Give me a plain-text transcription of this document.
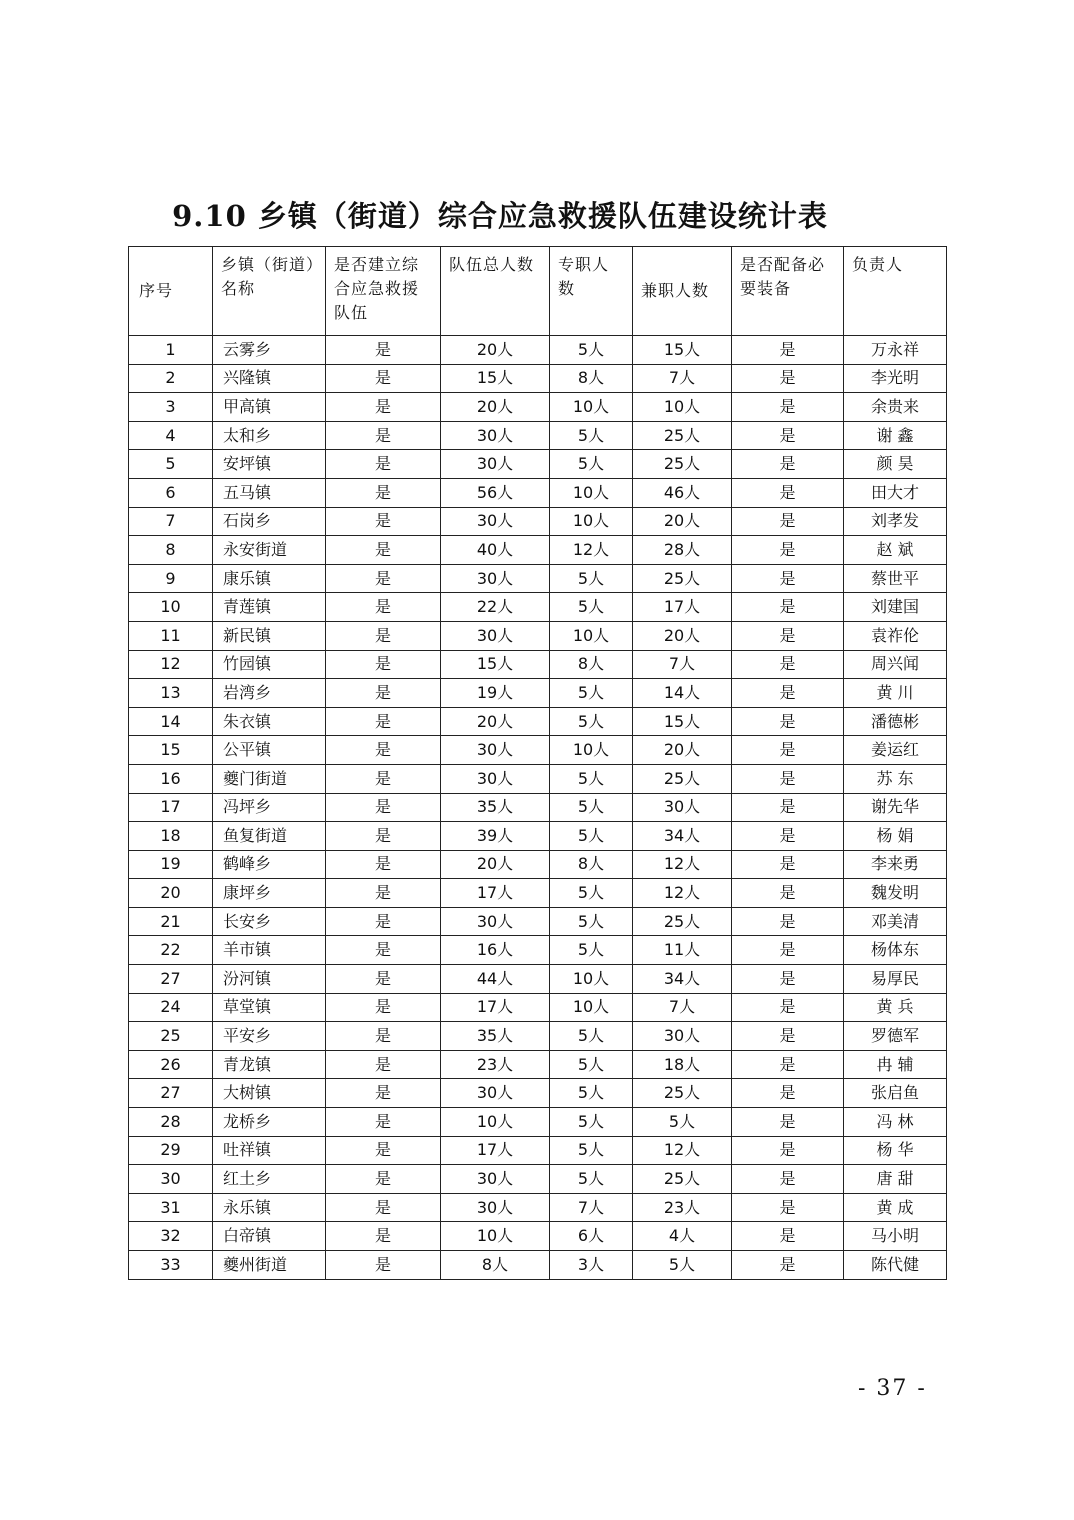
9.10 乡镇（街道）综合应急救援队伍建设统计表
序号	乡镇（街道）名称	是否建立综合应急救援队伍	队伍总人数	专职人数	兼职人数	是否配备必要装备	负责人
1	云雾乡	是	20人	5人	15人	是	万永祥
2	兴隆镇	是	15人	8人	7人	是	李光明
3	甲高镇	是	20人	10人	10人	是	余贵来
4	太和乡	是	30人	5人	25人	是	谢 鑫
5	安坪镇	是	30人	5人	25人	是	颜 昊
6	五马镇	是	56人	10人	46人	是	田大才
7	石岗乡	是	30人	10人	20人	是	刘孝发
8	永安街道	是	40人	12人	28人	是	赵 斌
9	康乐镇	是	30人	5人	25人	是	蔡世平
10	青莲镇	是	22人	5人	17人	是	刘建国
11	新民镇	是	30人	10人	20人	是	袁祚伦
12	竹园镇	是	15人	8人	7人	是	周兴闻
13	岩湾乡	是	19人	5人	14人	是	黄 川
14	朱衣镇	是	20人	5人	15人	是	潘德彬
15	公平镇	是	30人	10人	20人	是	姜运红
16	夔门街道	是	30人	5人	25人	是	苏 东
17	冯坪乡	是	35人	5人	30人	是	谢先华
18	鱼复街道	是	39人	5人	34人	是	杨 娟
19	鹤峰乡	是	20人	8人	12人	是	李来勇
20	康坪乡	是	17人	5人	12人	是	魏发明
21	长安乡	是	30人	5人	25人	是	邓美清
22	羊市镇	是	16人	5人	11人	是	杨体东
27	汾河镇	是	44人	10人	34人	是	易厚民
24	草堂镇	是	17人	10人	7人	是	黄 兵
25	平安乡	是	35人	5人	30人	是	罗德军
26	青龙镇	是	23人	5人	18人	是	冉 辅
27	大树镇	是	30人	5人	25人	是	张启鱼
28	龙桥乡	是	10人	5人	5人	是	冯 林
29	吐祥镇	是	17人	5人	12人	是	杨 华
30	红土乡	是	30人	5人	25人	是	唐 甜
31	永乐镇	是	30人	7人	23人	是	黄 成
32	白帝镇	是	10人	6人	4人	是	马小明
33	夔州街道	是	8人	3人	5人	是	陈代健
- 37 -
